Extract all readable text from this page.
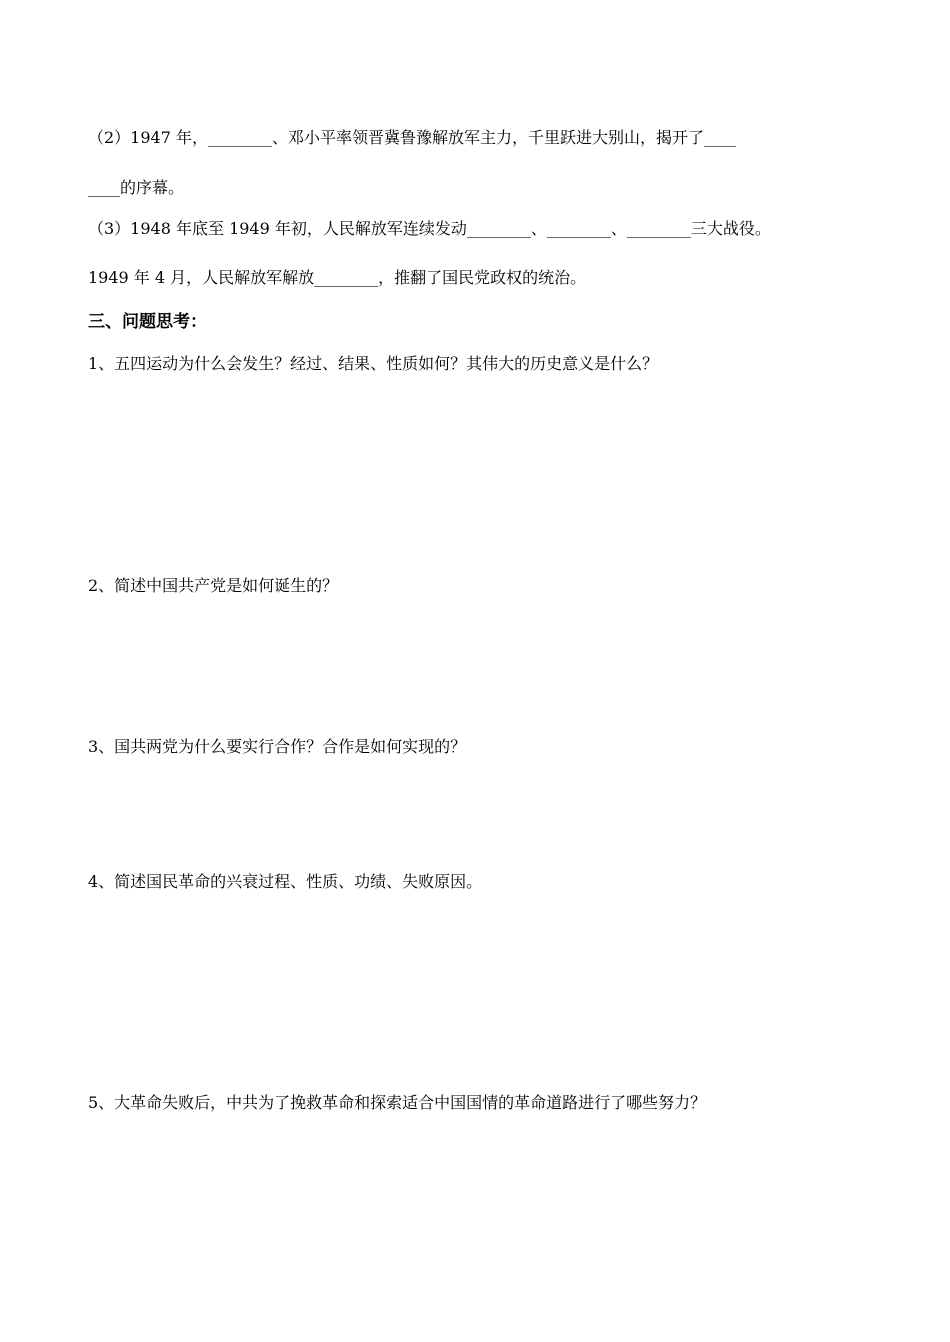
（2）1947 年，________、邓小平率领晋冀鲁豫解放军主力，千里跃进大别山，揭开了____
____的序幕。
（3）1948 年底至 1949 年初，人民解放军连续发动________、________、________三大战役。
1949 年 4 月，人民解放军解放________，推翻了国民党政权的统治。
三、问题思考：
1、五四运动为什么会发生？经过、结果、性质如何？其伟大的历史意义是什么？
2、简述中国共产党是如何诞生的？
3、国共两党为什么要实行合作？合作是如何实现的？
4、简述国民革命的兴衰过程、性质、功绩、失败原因。
5、大革命失败后，中共为了挽救革命和探索适合中国国情的革命道路进行了哪些努力？
